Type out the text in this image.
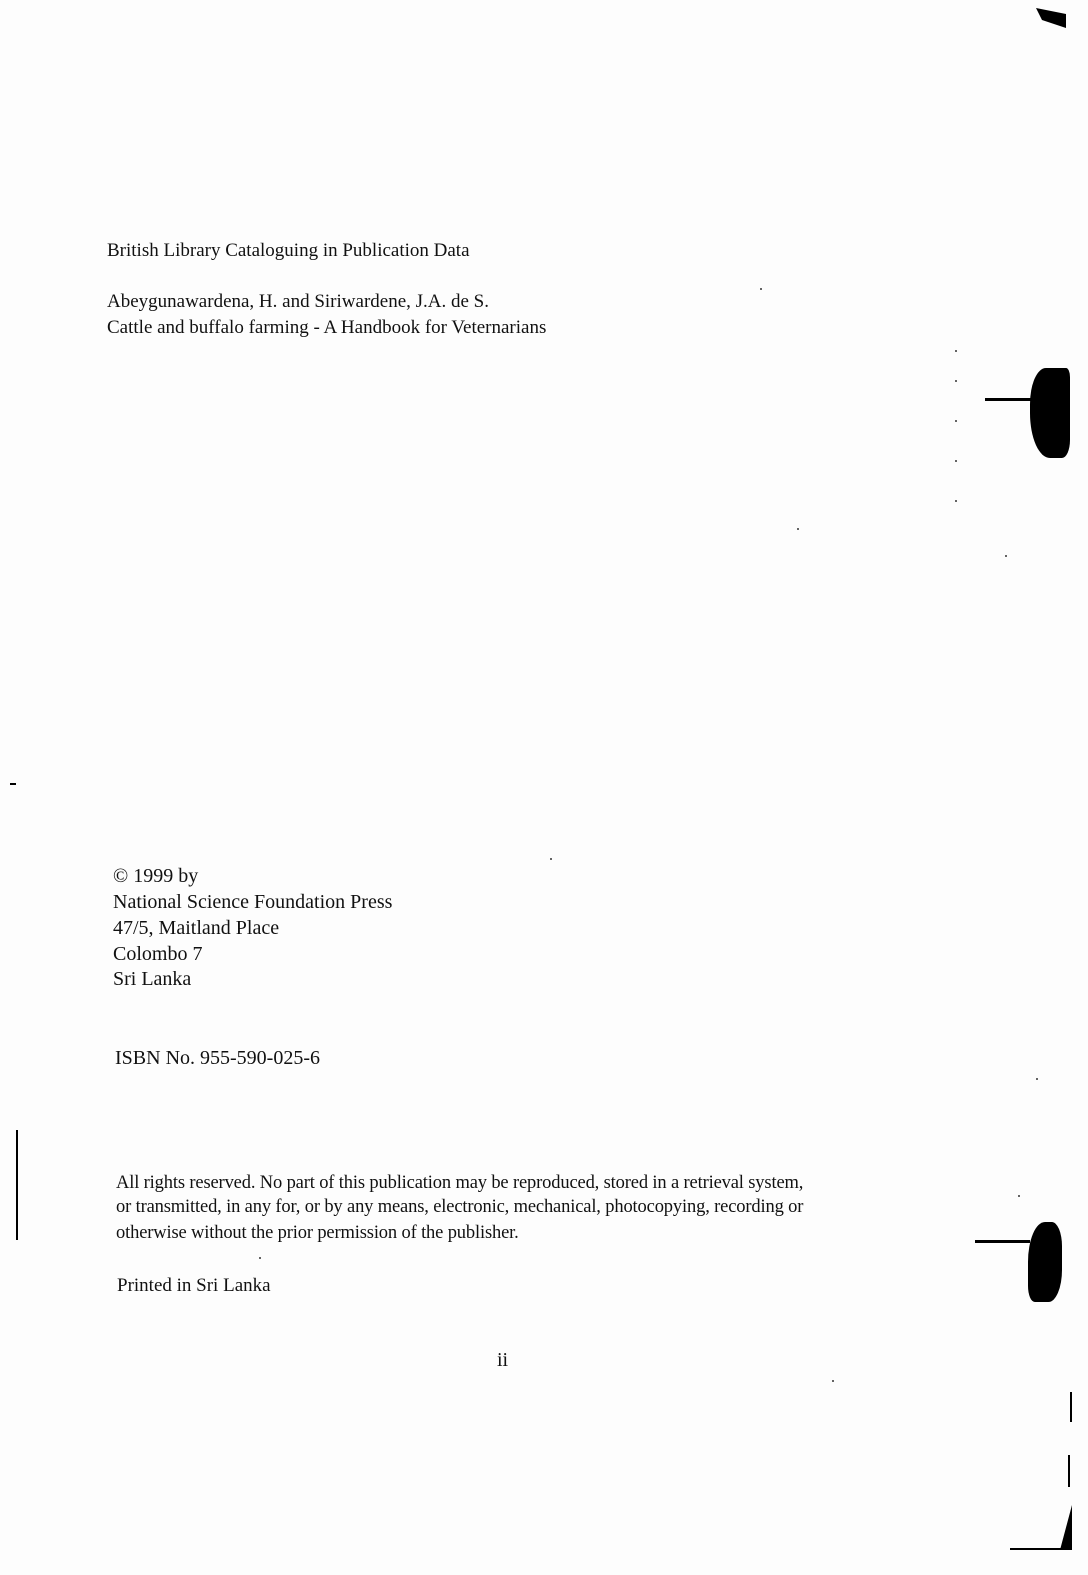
British Library Cataloguing in Publication Data
Abeygunawardena, H. and Siriwardene, J.A. de S.
Cattle and buffalo farming - A Handbook for Veternarians
© 1999 by
National Science Foundation Press
47/5, Maitland Place
Colombo 7
Sri Lanka
ISBN No. 955-590-025-6
All rights reserved. No part of this publication may be reproduced, stored in a retrieval system,
or transmitted, in any for, or by any means, electronic, mechanical, photocopying, recording or
otherwise without the prior permission of the publisher.
Printed in Sri Lanka
ii
